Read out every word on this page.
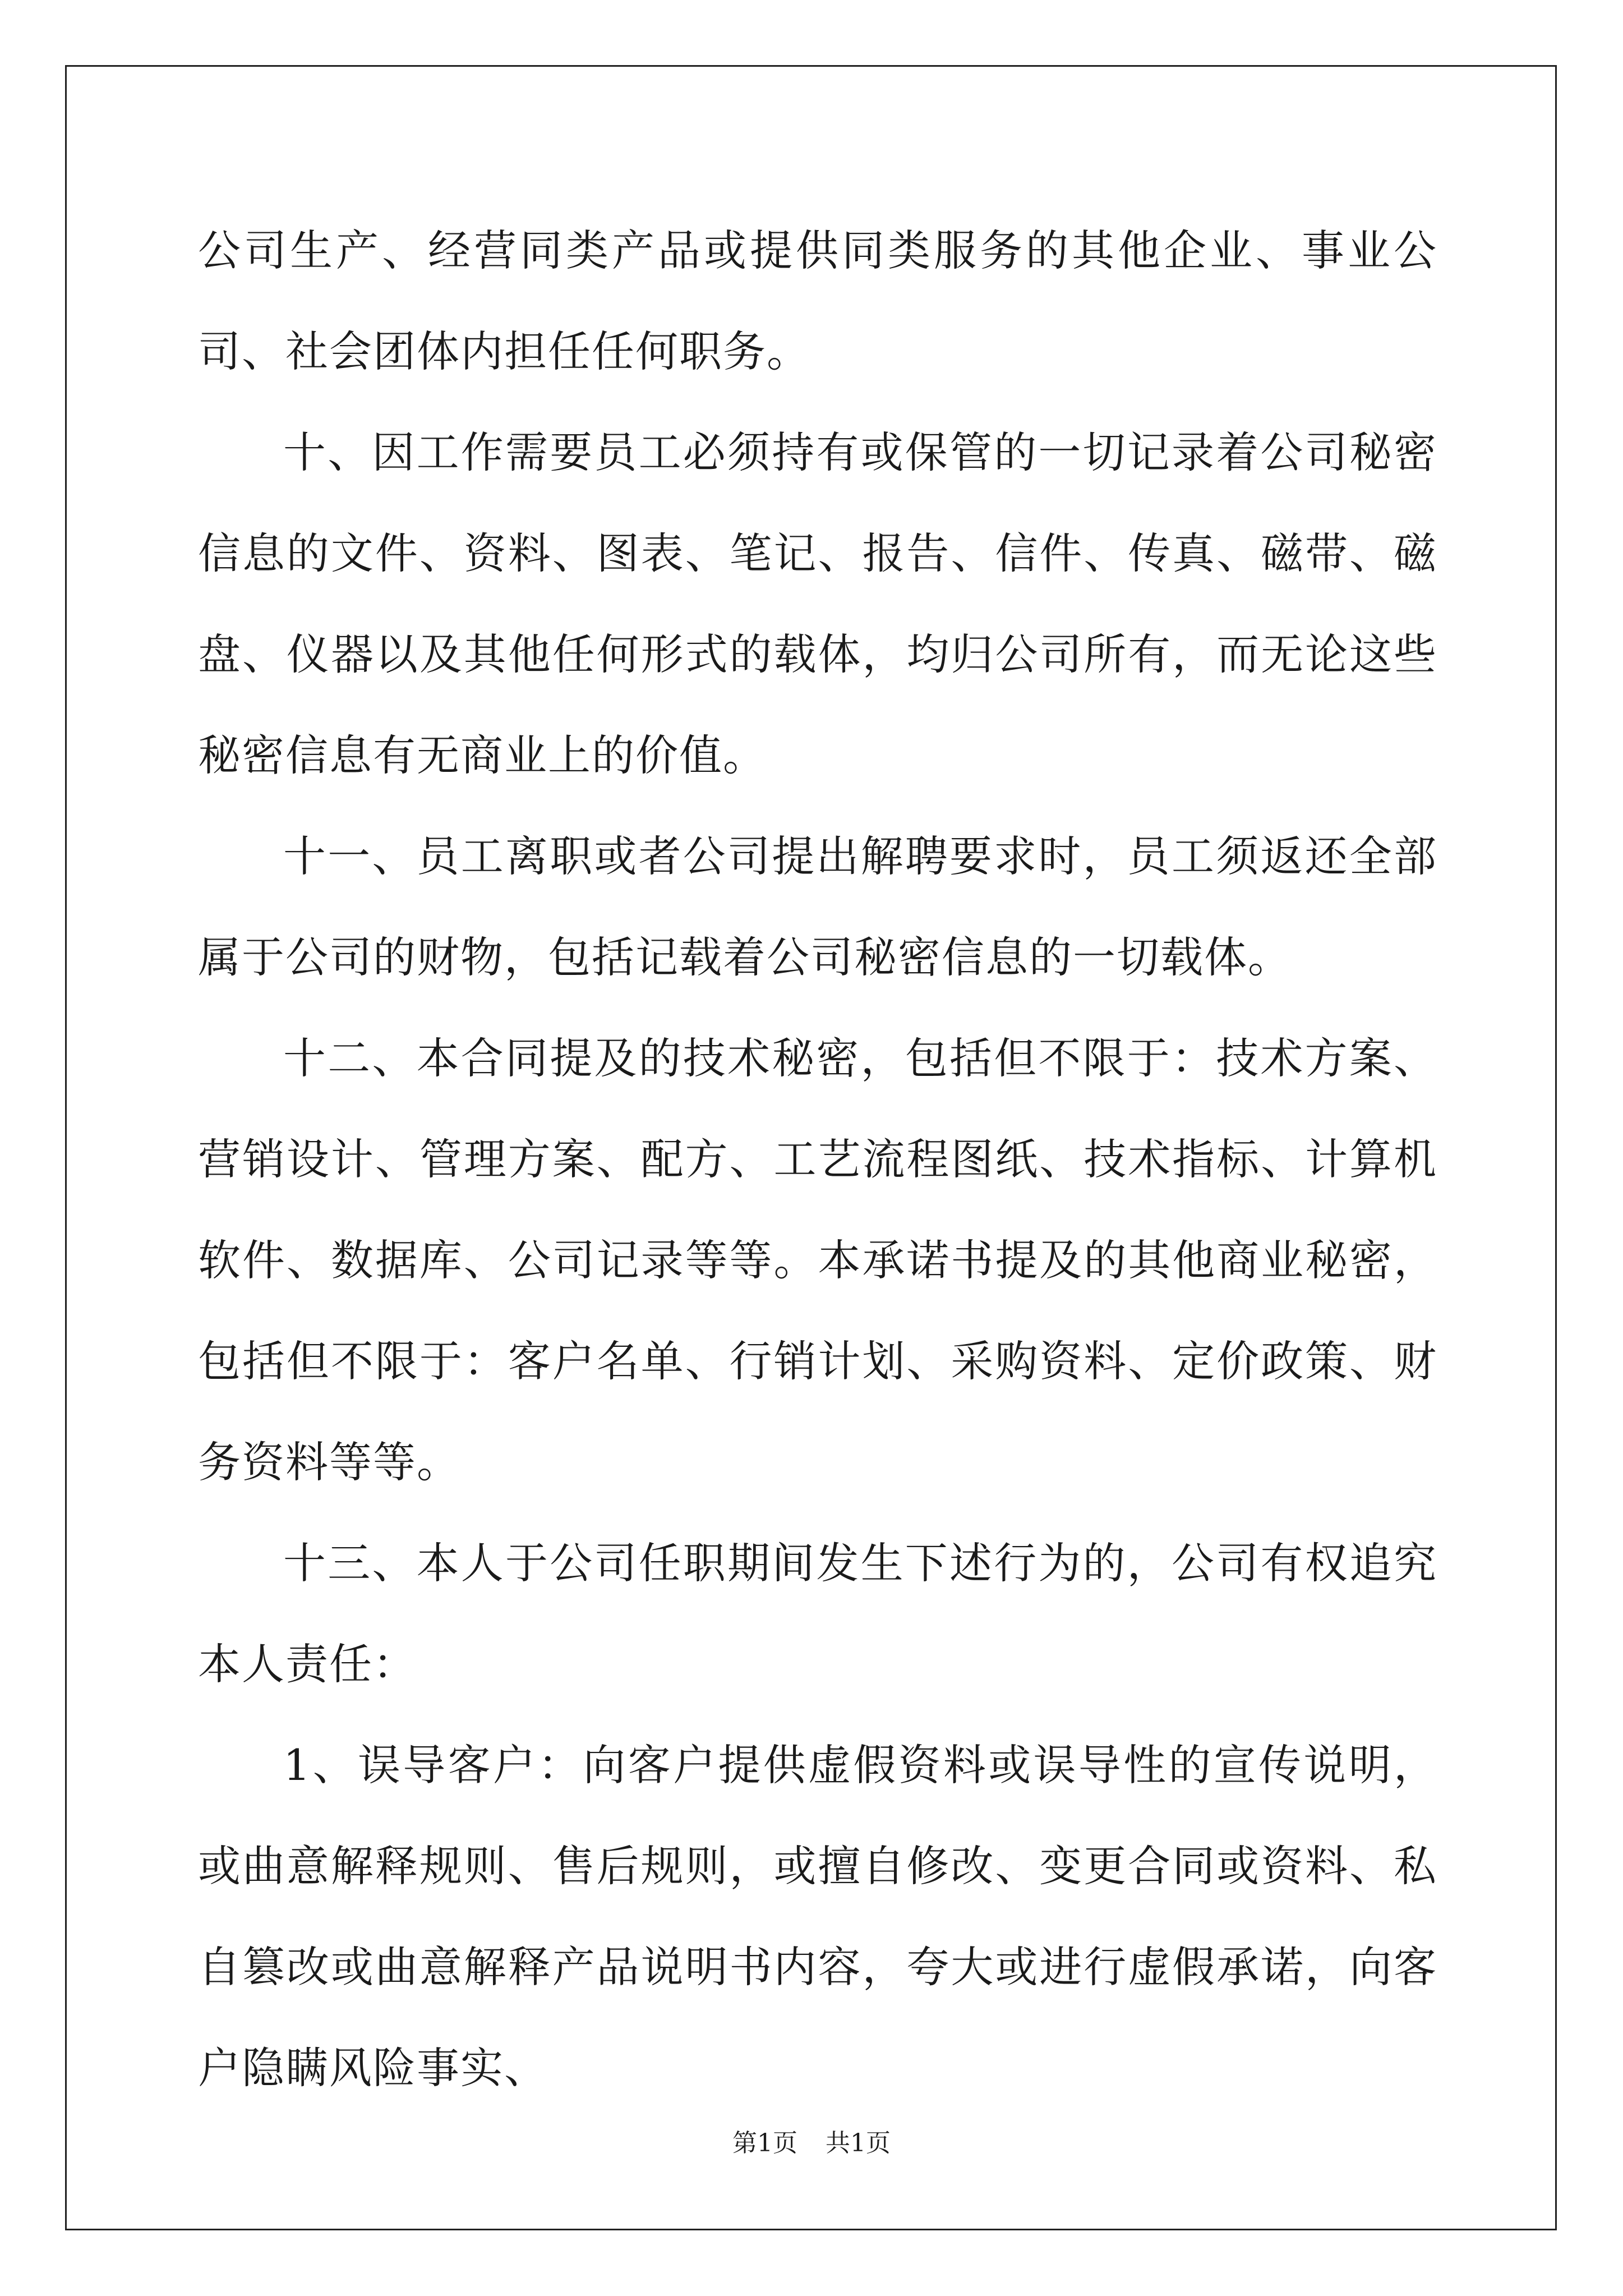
公司生产、经营同类产品或提供同类服务的其他企业、事业公司、社会团体内担任任何职务。

十、因工作需要员工必须持有或保管的一切记录着公司秘密信息的文件、资料、图表、笔记、报告、信件、传真、磁带、磁盘、仪器以及其他任何形式的载体，均归公司所有，而无论这些秘密信息有无商业上的价值。

十一、员工离职或者公司提出解聘要求时，员工须返还全部属于公司的财物，包括记载着公司秘密信息的一切载体。

十二、本合同提及的技术秘密，包括但不限于：技术方案、营销设计、管理方案、配方、工艺流程图纸、技术指标、计算机软件、数据库、公司记录等等。本承诺书提及的其他商业秘密，包括但不限于：客户名单、行销计划、采购资料、定价政策、财务资料等等。

十三、本人于公司任职期间发生下述行为的，公司有权追究本人责任：

1、误导客户：向客户提供虚假资料或误导性的宣传说明，或曲意解释规则、售后规则，或擅自修改、变更合同或资料、私自篡改或曲意解释产品说明书内容，夸大或进行虚假承诺，向客户隐瞒风险事实、

第1页 共1页
